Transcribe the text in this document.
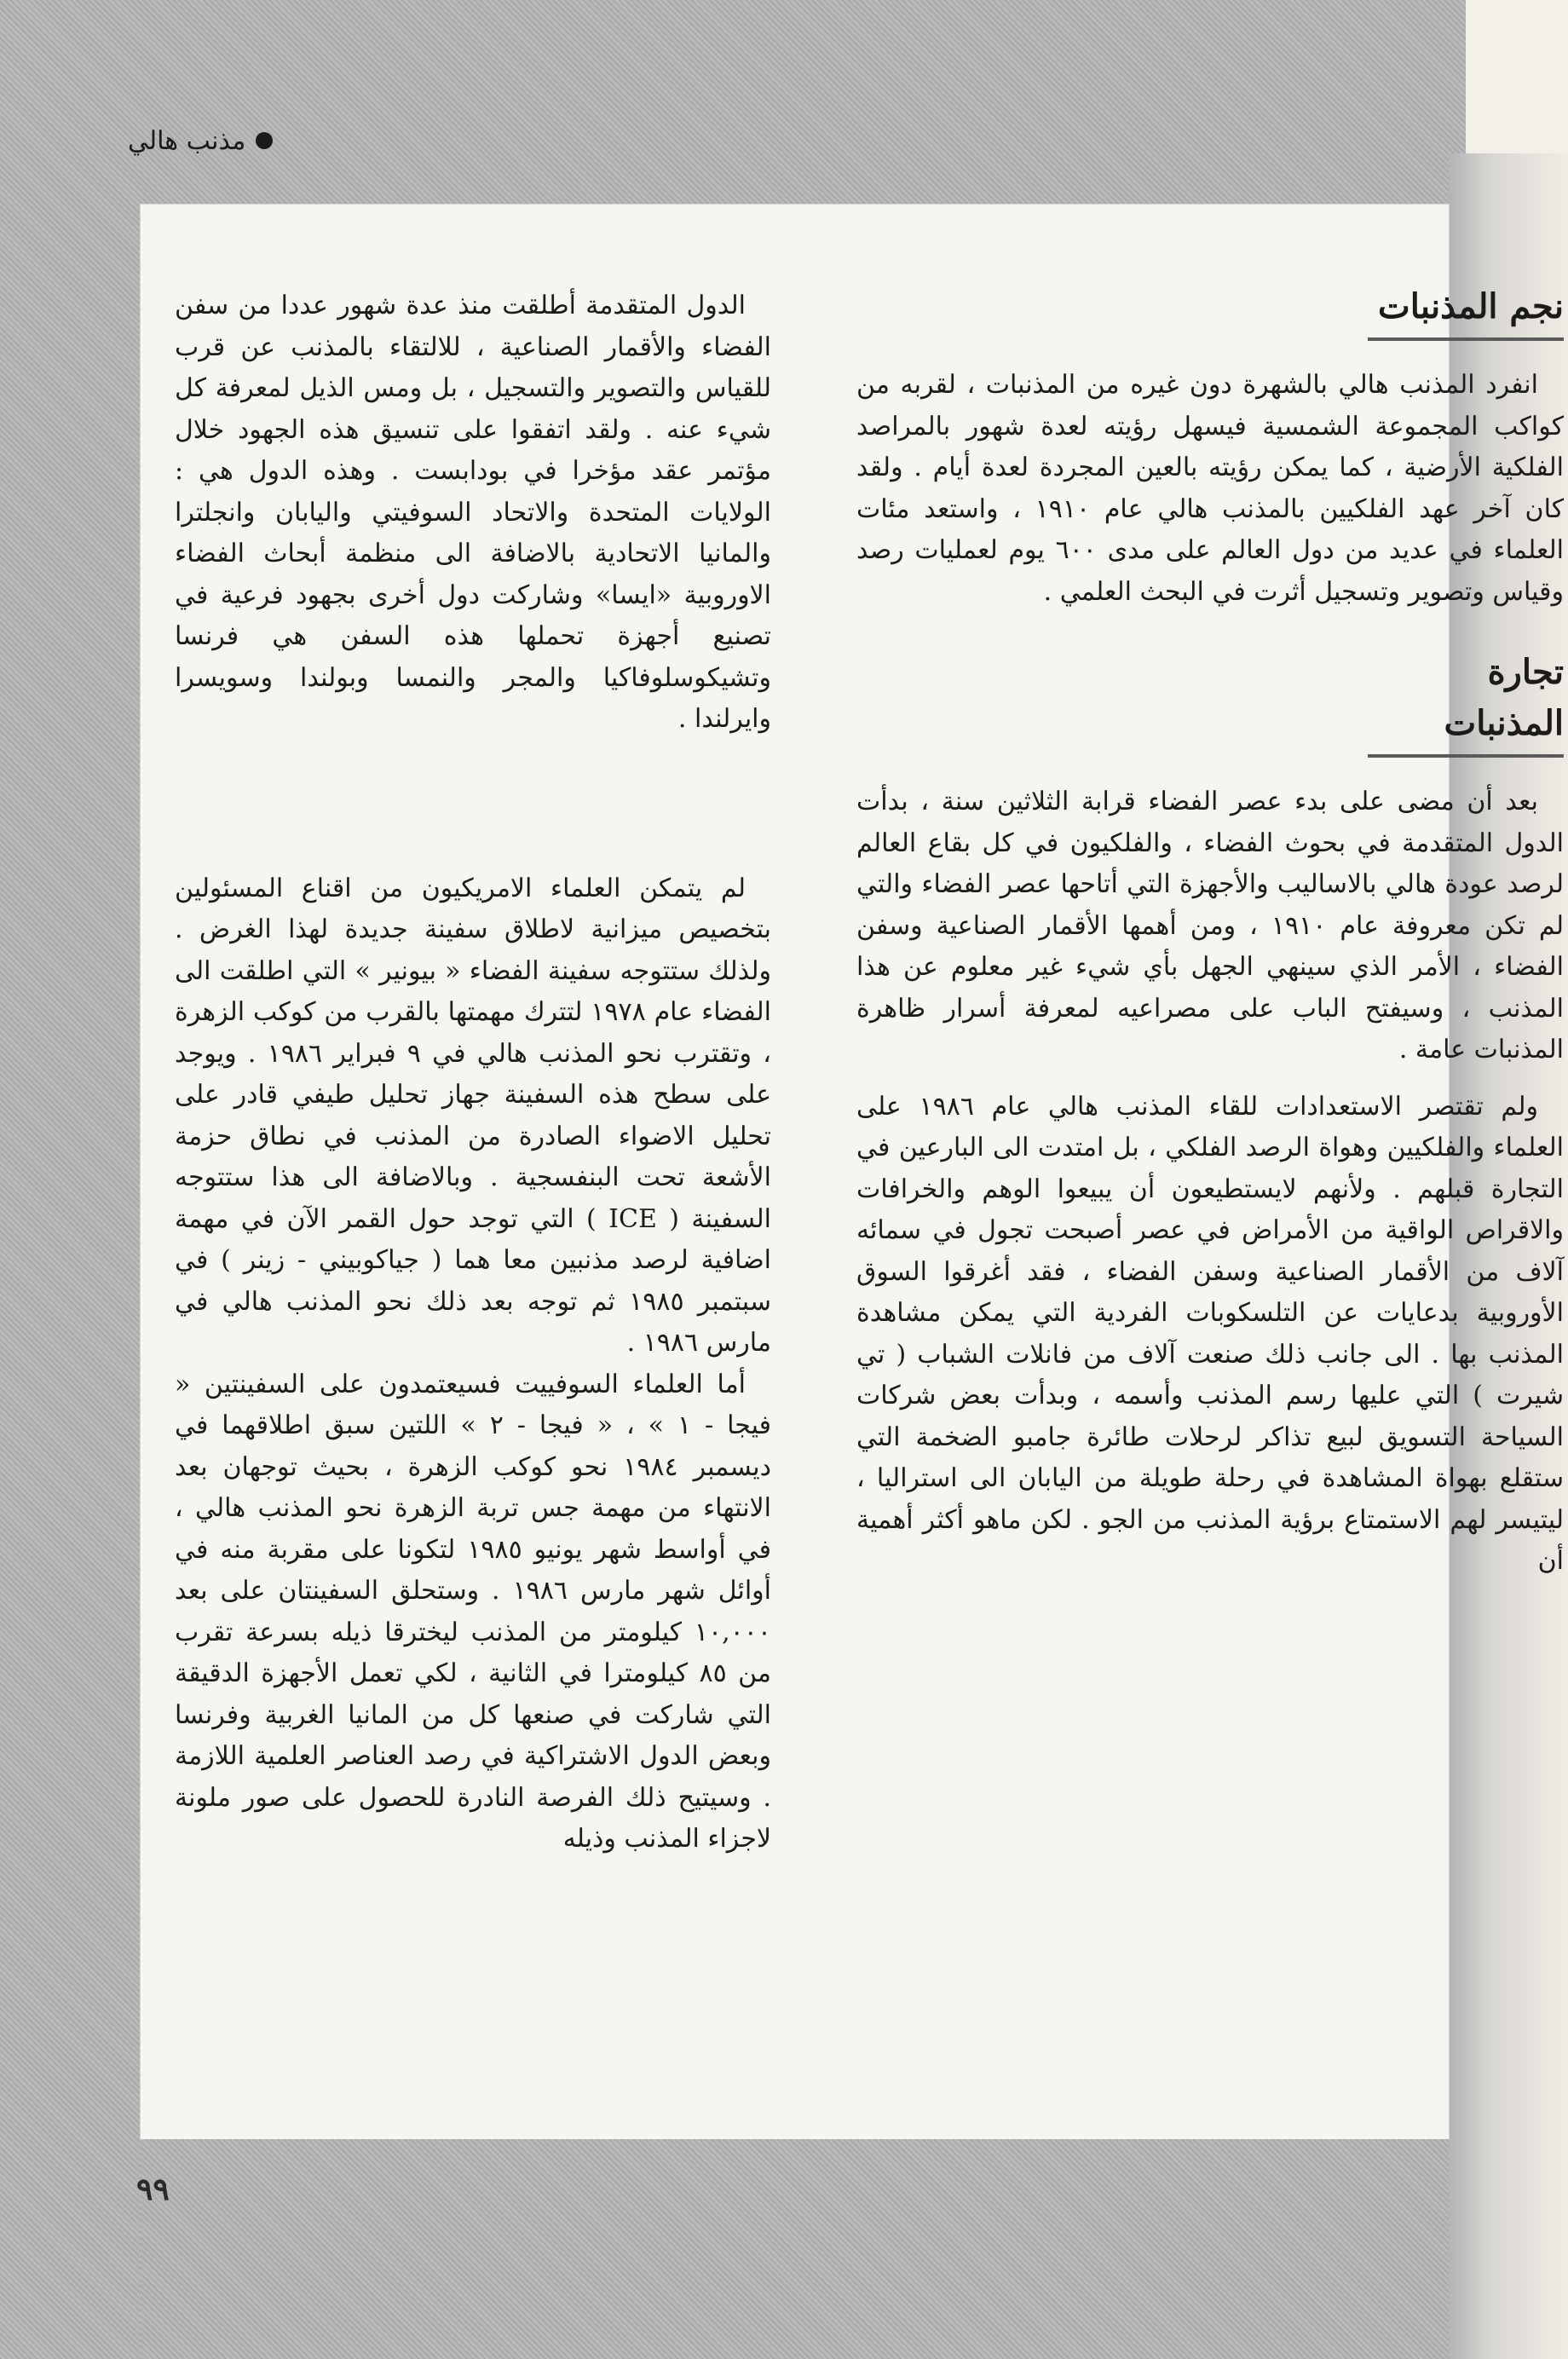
مذنب هالي
نجم المذنبات

انفرد المذنب هالي بالشهرة دون غيره من المذنبات ، لقربه من كواكب المجموعة الشمسية فيسهل رؤيته لعدة شهور بالمراصد الفلكية الأرضية ، كما يمكن رؤيته بالعين المجردة لعدة أيام . ولقد كان آخر عهد الفلكيين بالمذنب هالي عام ١٩١٠ ، واستعد مئات العلماء في عديد من دول العالم على مدى ٦٠٠ يوم لعمليات رصد وقياس وتصوير وتسجيل أثرت في البحث العلمي .

تجارة المذنبات

بعد أن مضى على بدء عصر الفضاء قرابة الثلاثين سنة ، بدأت الدول المتقدمة في بحوث الفضاء ، والفلكيون في كل بقاع العالم لرصد عودة هالي بالاساليب والأجهزة التي أتاحها عصر الفضاء والتي لم تكن معروفة عام ١٩١٠ ، ومن أهمها الأقمار الصناعية وسفن الفضاء ، الأمر الذي سينهي الجهل بأي شيء غير معلوم عن هذا المذنب ، وسيفتح الباب على مصراعيه لمعرفة أسرار ظاهرة المذنبات عامة .

ولم تقتصر الاستعدادات للقاء المذنب هالي عام ١٩٨٦ على العلماء والفلكيين وهواة الرصد الفلكي ، بل امتدت الى البارعين في التجارة قبلهم . ولأنهم لايستطيعون أن يبيعوا الوهم والخرافات والاقراص الواقية من الأمراض في عصر أصبحت تجول في سمائه آلاف من الأقمار الصناعية وسفن الفضاء ، فقد أغرقوا السوق الأوروبية بدعايات عن التلسكوبات الفردية التي يمكن مشاهدة المذنب بها . الى جانب ذلك صنعت آلاف من فانلات الشباب ( تي شيرت ) التي عليها رسم المذنب وأسمه ، وبدأت بعض شركات السياحة التسويق لبيع تذاكر لرحلات طائرة جامبو الضخمة التي ستقلع بهواة المشاهدة في رحلة طويلة من اليابان الى استراليا ، ليتيسر لهم الاستمتاع برؤية المذنب من الجو . لكن ماهو أكثر أهمية أن

الدول المتقدمة أطلقت منذ عدة شهور عددا من سفن الفضاء والأقمار الصناعية ، للالتقاء بالمذنب عن قرب للقياس والتصوير والتسجيل ، بل ومس الذيل لمعرفة كل شيء عنه . ولقد اتفقوا على تنسيق هذه الجهود خلال مؤتمر عقد مؤخرا في بودابست . وهذه الدول هي : الولايات المتحدة والاتحاد السوفيتي واليابان وانجلترا والمانيا الاتحادية بالاضافة الى منظمة أبحاث الفضاء الاوروبية «ايسا» وشاركت دول أخرى بجهود فرعية في تصنيع أجهزة تحملها هذه السفن هي فرنسا وتشيكوسلوفاكيا والمجر والنمسا وبولندا وسويسرا وايرلندا .

لم يتمكن العلماء الامريكيون من اقناع المسئولين بتخصيص ميزانية لاطلاق سفينة جديدة لهذا الغرض . ولذلك ستتوجه سفينة الفضاء « بيونير » التي اطلقت الى الفضاء عام ١٩٧٨ لتترك مهمتها بالقرب من كوكب الزهرة ، وتقترب نحو المذنب هالي في ٩ فبراير ١٩٨٦ . ويوجد على سطح هذه السفينة جهاز تحليل طيفي قادر على تحليل الاضواء الصادرة من المذنب في نطاق حزمة الأشعة تحت البنفسجية . وبالاضافة الى هذا ستتوجه السفينة ( ICE ) التي توجد حول القمر الآن في مهمة اضافية لرصد مذنبين معا هما ( جياكوبيني - زينر ) في سبتمبر ١٩٨٥ ثم توجه بعد ذلك نحو المذنب هالي في مارس ١٩٨٦ .

أما العلماء السوفييت فسيعتمدون على السفينتين « فيجا - ١ » ، « فيجا - ٢ » اللتين سبق اطلاقهما في ديسمبر ١٩٨٤ نحو كوكب الزهرة ، بحيث توجهان بعد الانتهاء من مهمة جس تربة الزهرة نحو المذنب هالي ، في أواسط شهر يونيو ١٩٨٥ لتكونا على مقربة منه في أوائل شهر مارس ١٩٨٦ . وستحلق السفينتان على بعد ١٠,٠٠٠ كيلومتر من المذنب ليخترقا ذيله بسرعة تقرب من ٨٥ كيلومترا في الثانية ، لكي تعمل الأجهزة الدقيقة التي شاركت في صنعها كل من المانيا الغربية وفرنسا وبعض الدول الاشتراكية في رصد العناصر العلمية اللازمة . وسيتيح ذلك الفرصة النادرة للحصول على صور ملونة لاجزاء المذنب وذيله

٩٩
